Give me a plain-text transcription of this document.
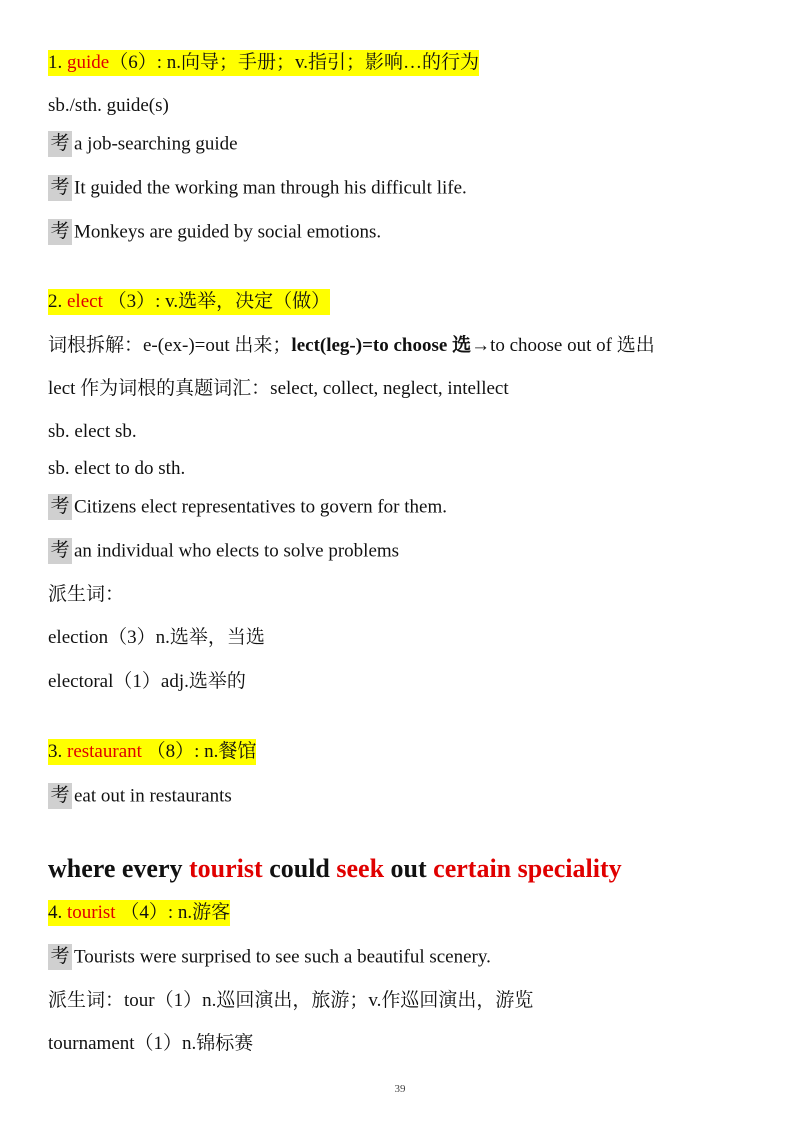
1. guide（6）: n.向导；手册；v.指引；影响…的行为
sb./sth. guide(s)
考 a job-searching guide
考 It guided the working man through his difficult life.
考 Monkeys are guided by social emotions.
2. elect （3）: v.选举，决定（做）
词根拆解：e-(ex-)=out 出来；lect(leg-)=to choose 选→to choose out of 选出
lect 作为词根的真题词汇：select, collect, neglect, intellect
sb. elect sb.
sb. elect to do sth.
考 Citizens elect representatives to govern for them.
考 an individual who elects to solve problems
派生词：
election（3）n.选举，当选
electoral（1）adj.选举的
3. restaurant （8）: n.餐馆
考 eat out in restaurants
where every tourist could seek out certain speciality
4. tourist （4）: n.游客
考 Tourists were surprised to see such a beautiful scenery.
派生词：tour（1）n.巡回演出，旅游；v.作巡回演出，游览
tournament（1）n.锦标赛
39
